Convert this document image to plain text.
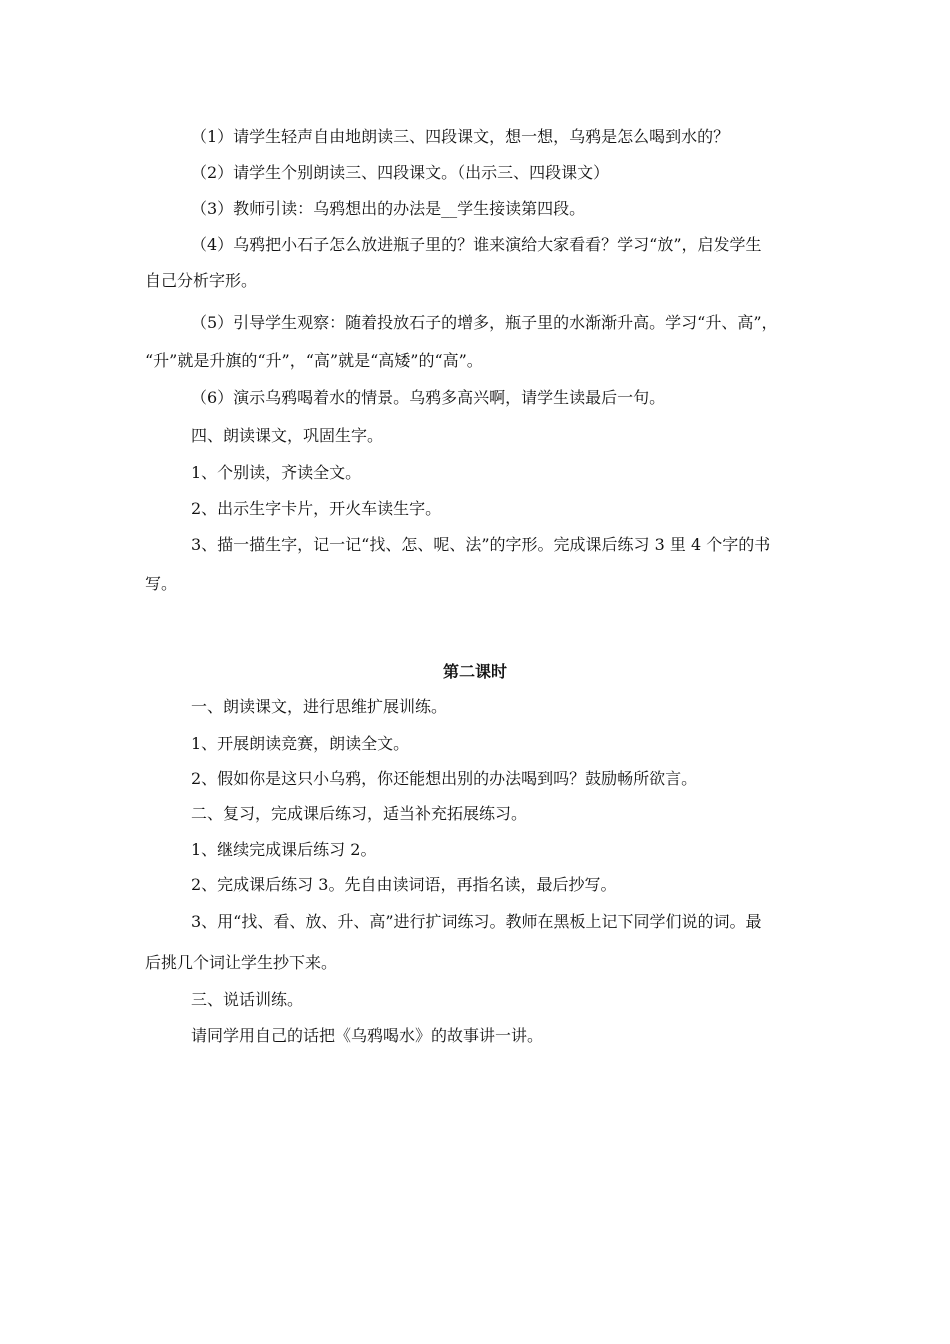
（1）请学生轻声自由地朗读三、四段课文，想一想，乌鸦是怎么喝到水的？
（2）请学生个别朗读三、四段课文。（出示三、四段课文）
（3）教师引读：乌鸦想出的办法是__学生接读第四段。
（4）乌鸦把小石子怎么放进瓶子里的？谁来演给大家看看？学习“放”，启发学生
自己分析字形。
（5）引导学生观察：随着投放石子的增多，瓶子里的水渐渐升高。学习“升、高”，
“升”就是升旗的“升”，“高”就是“高矮”的“高”。
（6）演示乌鸦喝着水的情景。乌鸦多高兴啊，请学生读最后一句。
四、朗读课文，巩固生字。
1、个别读，齐读全文。
2、出示生字卡片，开火车读生字。
3、描一描生字，记一记“找、怎、呢、法”的字形。完成课后练习 3 里 4 个字的书
写。
第二课时
一、朗读课文，进行思维扩展训练。
1、开展朗读竞赛，朗读全文。
2、假如你是这只小乌鸦，你还能想出别的办法喝到吗？鼓励畅所欲言。
二、复习，完成课后练习，适当补充拓展练习。
1、继续完成课后练习 2。
2、完成课后练习 3。先自由读词语，再指名读，最后抄写。
3、用“找、看、放、升、高”进行扩词练习。教师在黑板上记下同学们说的词。最
后挑几个词让学生抄下来。
三、说话训练。
请同学用自己的话把《乌鸦喝水》的故事讲一讲。
